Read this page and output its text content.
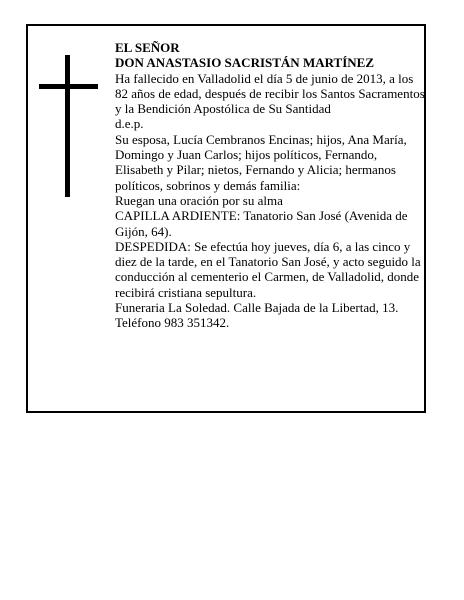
EL SEÑOR

DON ANASTASIO SACRISTÁN MARTÍNEZ

Ha fallecido en Valladolid el día 5 de junio de 2013, a los 82 años de edad, después de recibir los Santos Sacramentos y la Bendición Apostólica de Su Santidad

d.e.p.

Su esposa, Lucía Cembranos Encinas; hijos, Ana María, Domingo y Juan Carlos; hijos políticos, Fernando, Elisabeth y Pilar; nietos, Fernando y Alicia; hermanos políticos, sobrinos y demás familia:

Ruegan una oración por su alma

CAPILLA ARDIENTE: Tanatorio San José (Avenida de Gijón, 64).

DESPEDIDA: Se efectúa hoy jueves, día 6, a las cinco y diez de la tarde, en el Tanatorio San José, y acto seguido la conducción al cementerio el Carmen, de Valladolid, donde recibirá cristiana sepultura.

Funeraria La Soledad. Calle Bajada de la Libertad, 13. Teléfono 983 351342.
